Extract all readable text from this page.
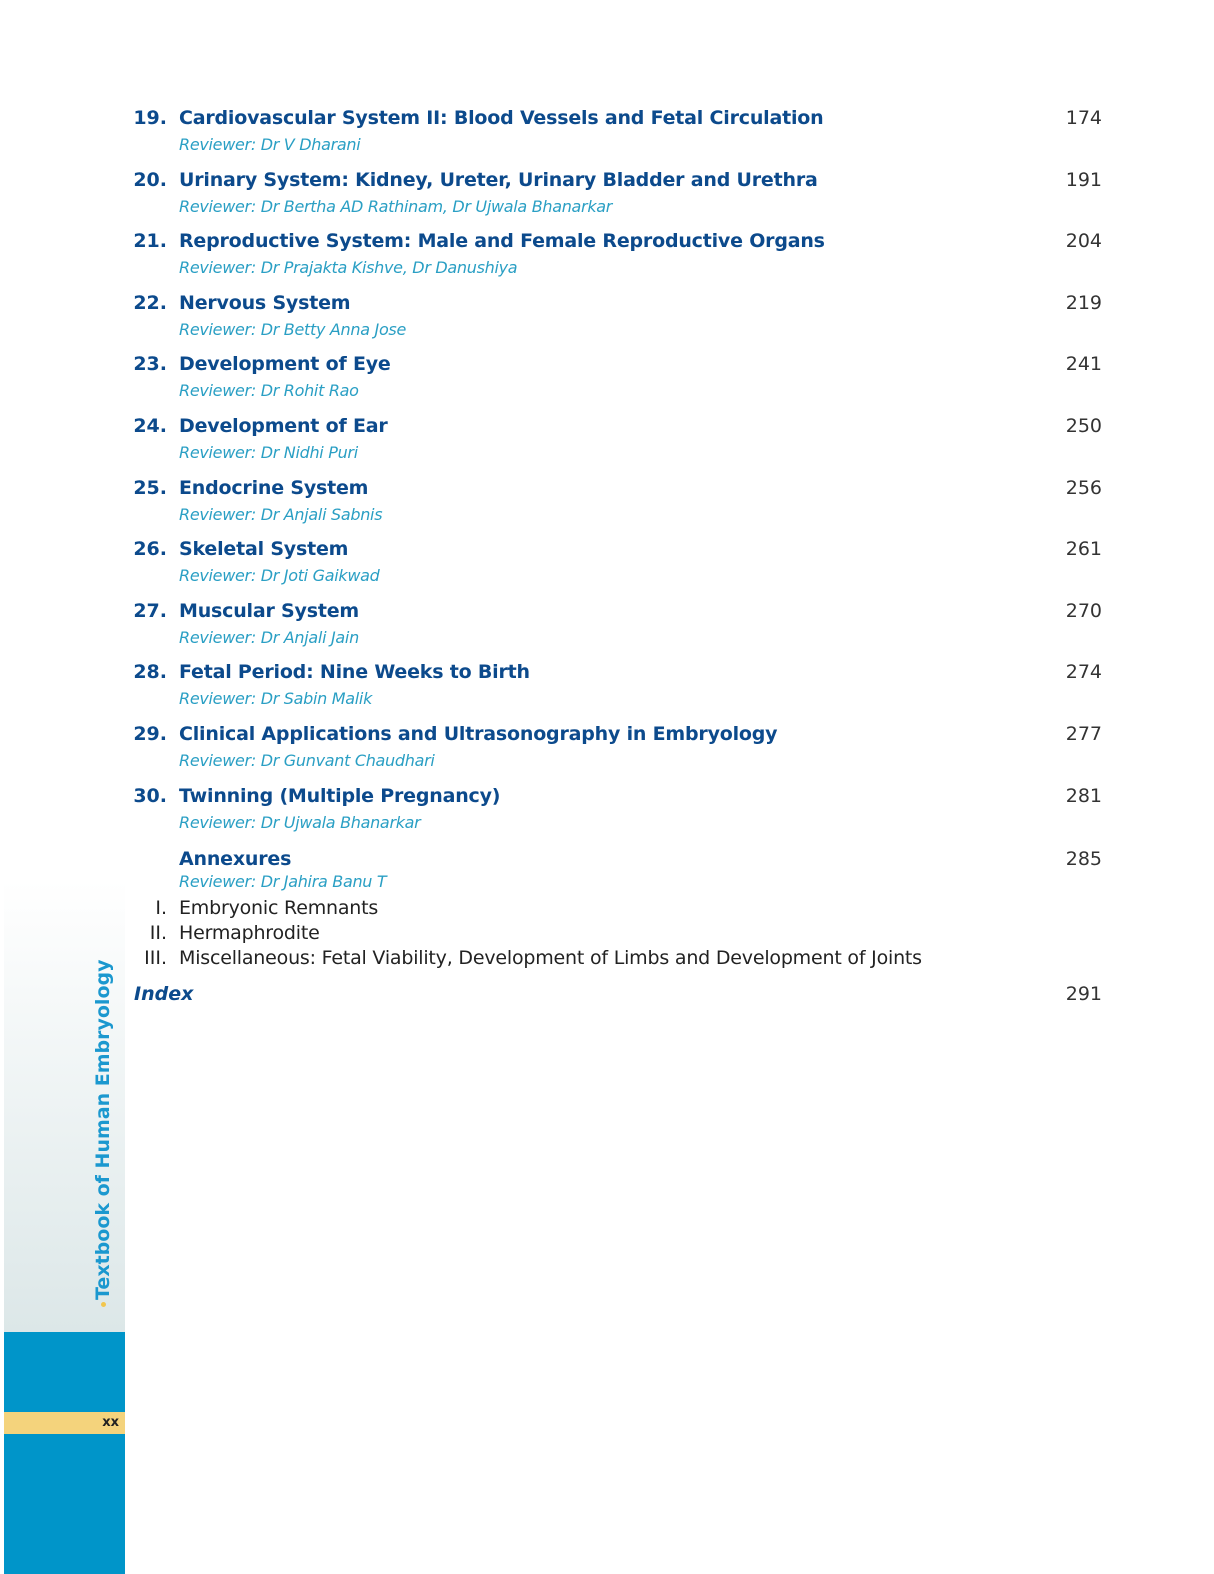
xx
Textbook of Human Embryology
19. Cardiovascular System II: Blood Vessels and Fetal Circulation	174
Reviewer: Dr V Dharani
20. Urinary System: Kidney, Ureter, Urinary Bladder and Urethra	191
Reviewer: Dr Bertha AD Rathinam, Dr Ujwala Bhanarkar
21. Reproductive System: Male and Female Reproductive Organs	204
Reviewer: Dr Prajakta Kishve, Dr Danushiya
22. Nervous System	219
Reviewer: Dr Betty Anna Jose
23. Development of Eye	241
Reviewer: Dr Rohit Rao
24. Development of Ear	250
Reviewer: Dr Nidhi Puri
25. Endocrine System	256
Reviewer: Dr Anjali Sabnis
26. Skeletal System	261
Reviewer: Dr Joti Gaikwad
27. Muscular System	270
Reviewer: Dr Anjali Jain
28. Fetal Period: Nine Weeks to Birth	274
Reviewer: Dr Sabin Malik
29. Clinical Applications and Ultrasonography in Embryology	277
Reviewer: Dr Gunvant Chaudhari
30. Twinning (Multiple Pregnancy)	281
Reviewer: Dr Ujwala Bhanarkar
Annexures	285
Reviewer: Dr Jahira Banu T
I. Embryonic Remnants
II. Hermaphrodite
III. Miscellaneous: Fetal Viability, Development of Limbs and Development of Joints
Index	291
